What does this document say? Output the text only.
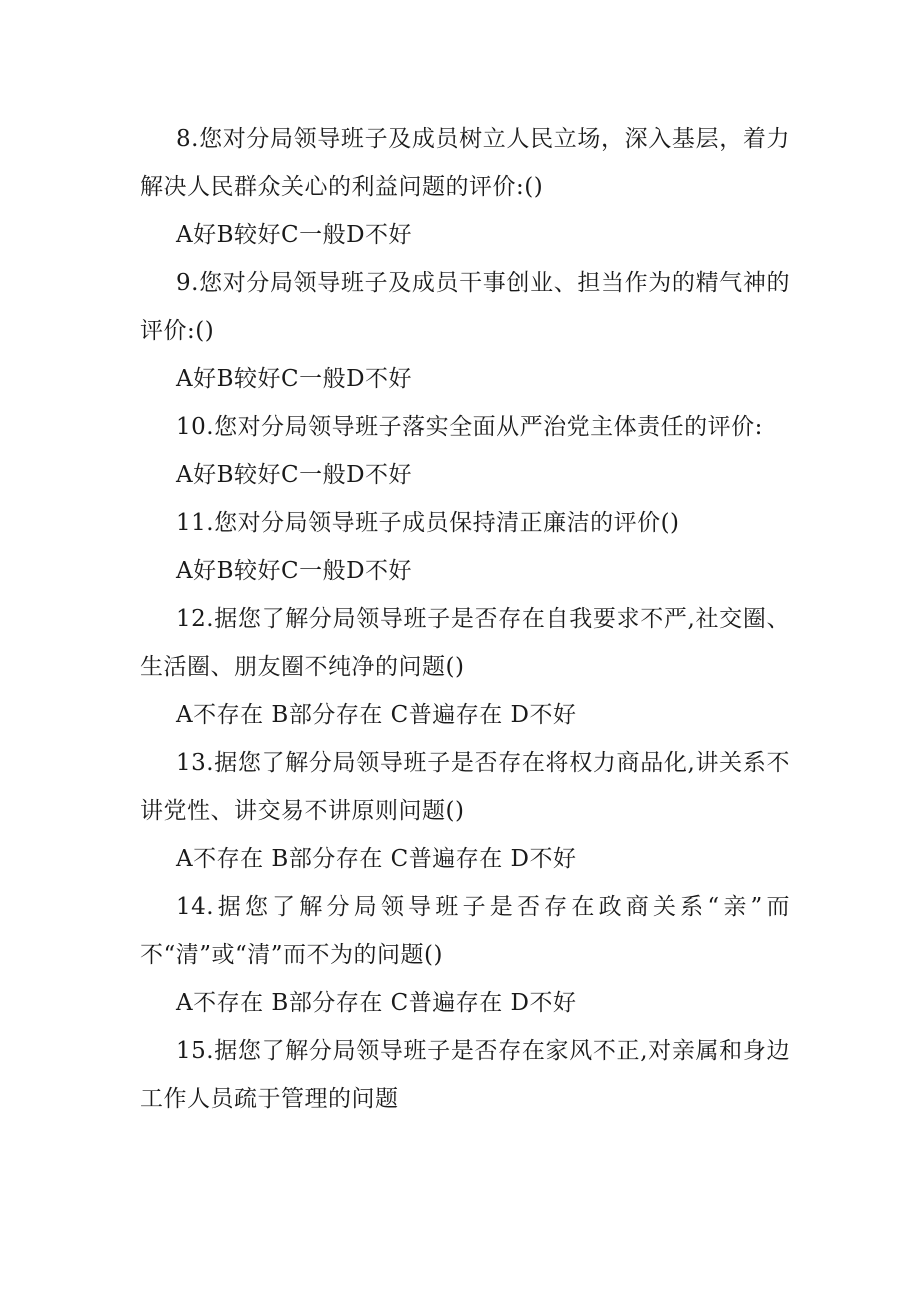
8.您对分局领导班子及成员树立人民立场，深入基层，着力解决人民群众关心的利益问题的评价:()

A好B较好C一般D不好

9.您对分局领导班子及成员干事创业、担当作为的精气神的评价:()

A好B较好C一般D不好

10.您对分局领导班子落实全面从严治党主体责任的评价:

A好B较好C一般D不好

11.您对分局领导班子成员保持清正廉洁的评价()

A好B较好C一般D不好

12.据您了解分局领导班子是否存在自我要求不严,社交圈、生活圈、朋友圈不纯净的问题()

A不存在 B部分存在 C普遍存在 D不好

13.据您了解分局领导班子是否存在将权力商品化,讲关系不讲党性、讲交易不讲原则问题()

A不存在 B部分存在 C普遍存在 D不好

14.据您了解分局领导班子是否存在政商关系“亲”而不“清”或“清”而不为的问题()

A不存在 B部分存在 C普遍存在 D不好

15.据您了解分局领导班子是否存在家风不正,对亲属和身边工作人员疏于管理的问题
